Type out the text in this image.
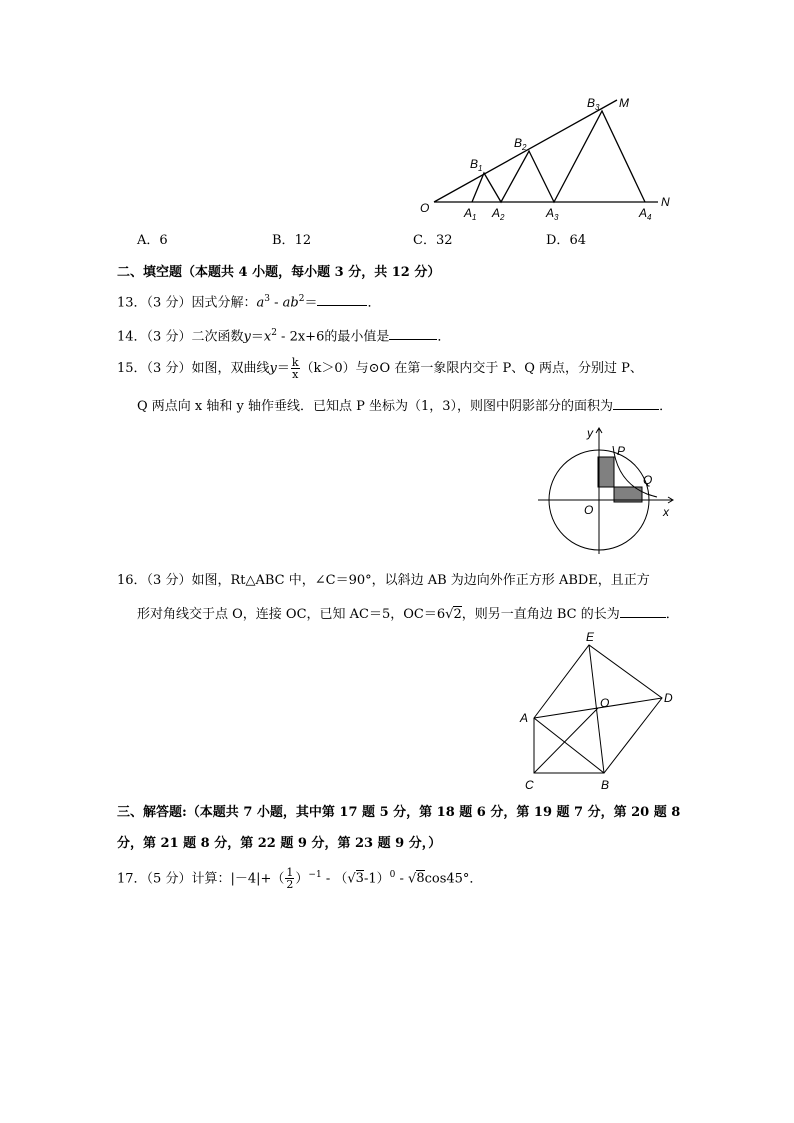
O
M
N
B 1
B 2
B 3
A 1 A 2	A 3	A 4
A．6	B．12	C．32	D．64
二、填空题（本题共 4 小题，每小题 3 分，共 12 分）
13．（3 分）因式分解：$a^3 - ab^2=$	．
14．（3 分）二次函数$y=x^2 - 2x+6$的最小值是	．
15．（3 分）如图，双曲线$y= \frac{k}{x} (k>0)$与⊙O 在第一象限内交于 P、Q 两点，分别过 P、
Q 两点向 x 轴和 y 轴作垂线．已知点 P 坐标为（1，3），则图中阴影部分的面积为	．
y
x
O
P
Q
16．（3 分）如图，Rt△ABC 中，∠C＝90°，以斜边 AB 为边向外作正方形 ABDE，且正方
形对角线交于点 O，连接 OC，已知 AC＝5，OC＝6√2，则另一直角边 BC 的长为	．
E
D
O
A
C	B
三、解答题:（本题共 7 小题，其中第 17 题 5 分，第 18 题 6 分，第 19 题 7 分，第 20 题 8
分，第 21 题 8 分，第 22 题 9 分，第 23 题 9 分，）
17．（5 分）计算：$|-4|+( \frac{1}{2} )^{-1} - (√3-1)^0 - √8\cos 45^\circ$．
